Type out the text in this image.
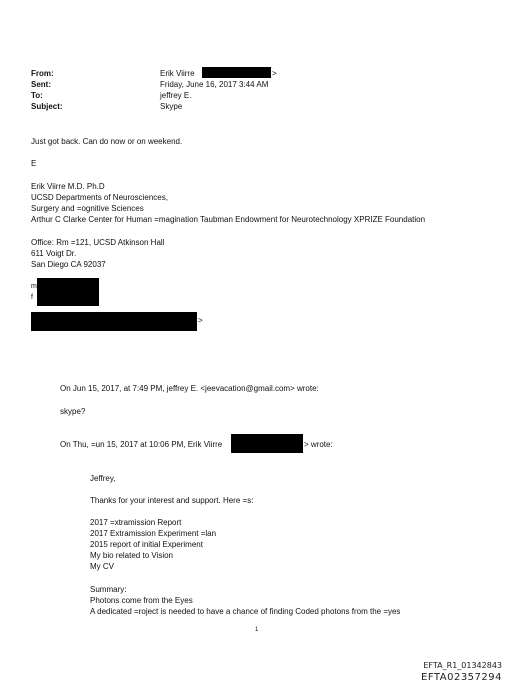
From:	Erik Viirre	>
Sent:	Friday, June 16, 2017 3:44 AM
To:	jeffrey E.
Subject:	Skype
Just got back. Can do now or on weekend.
E
Erik Viirre M.D. Ph.D
UCSD Departments of Neurosciences,
Surgery and =ognitive Sciences
Arthur C Clarke Center for Human =magination Taubman Endowment for Neurotechnology XPRIZE Foundation
Office: Rm =121, UCSD Atkinson Hall
611 Voigt Dr.
San Diego CA 92037
m
f
>
On Jun 15, 2017, at 7:49 PM, jeffrey E. <jeevacation@gmail.com> wrote:
skype?
On Thu, =un 15, 2017 at 10:06 PM, Erik Viirre	> wrote:
Jeffrey,
Thanks for your interest and support. Here =s:
2017 =xtramission Report
2017 Extramission Experiment =lan
2015 report of initial Experiment
My bio related to Vision
My CV
Summary:
Photons come from the Eyes
A dedicated =roject is needed to have a chance of finding Coded photons from the =yes
1
EFTA_R1_01342843
EFTA02357294
